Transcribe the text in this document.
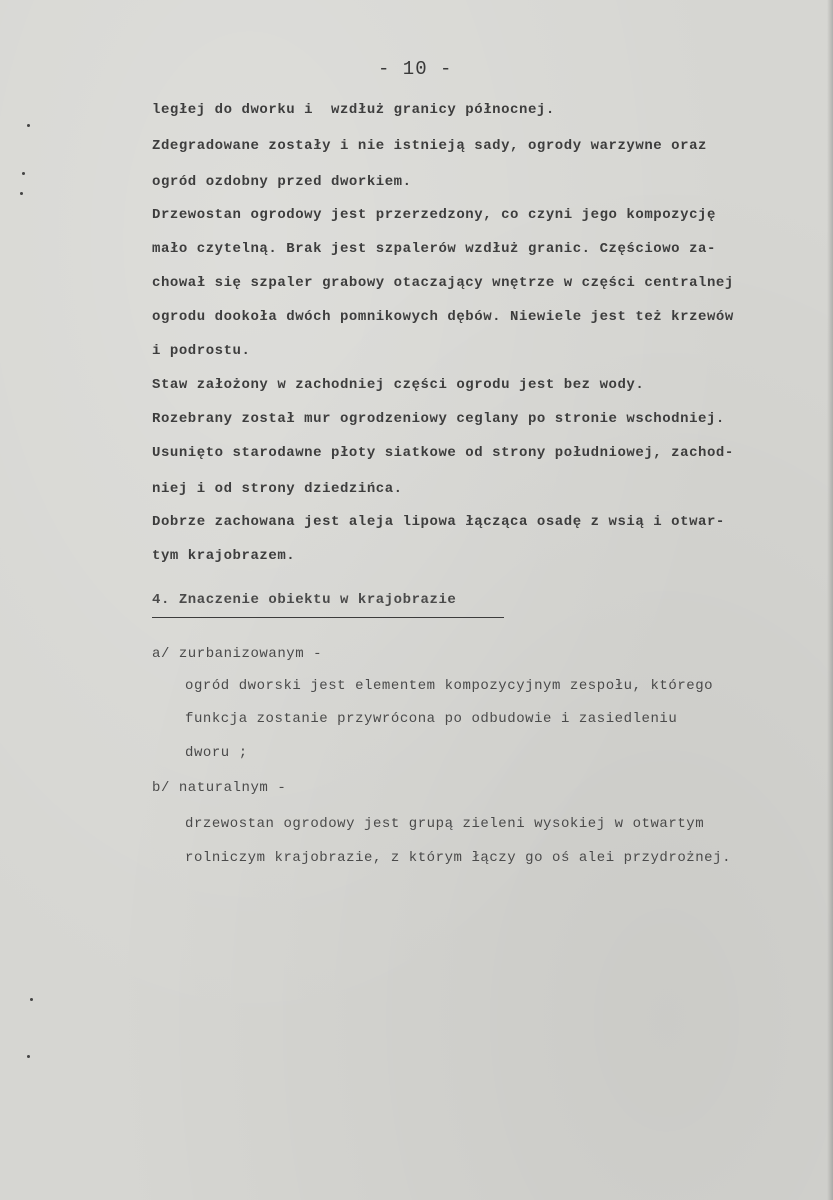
- 10 -
ległej do dworku i  wzdłuż granicy północnej.
Zdegradowane zostały i nie istnieją sady, ogrody warzywne oraz
ogród ozdobny przed dworkiem.
Drzewostan ogrodowy jest przerzedzony, co czyni jego kompozycję
mało czytelną. Brak jest szpalerów wzdłuż granic. Częściowo za-
chował się szpaler grabowy otaczający wnętrze w części centralnej
ogrodu dookoła dwóch pomnikowych dębów. Niewiele jest też krzewów
i podrostu.
Staw założony w zachodniej części ogrodu jest bez wody.
Rozebrany został mur ogrodzeniowy ceglany po stronie wschodniej.
Usunięto starodawne płoty siatkowe od strony południowej, zachod-
niej i od strony dziedzińca.
Dobrze zachowana jest aleja lipowa łącząca osadę z wsią i otwar-
tym krajobrazem.
4. Znaczenie obiektu w krajobrazie
a/ zurbanizowanym -
ogród dworski jest elementem kompozycyjnym zespołu, którego
funkcja zostanie przywrócona po odbudowie i zasiedleniu
dworu ;
b/ naturalnym -
drzewostan ogrodowy jest grupą zieleni wysokiej w otwartym
rolniczym krajobrazie, z którym łączy go oś alei przydrożnej.
